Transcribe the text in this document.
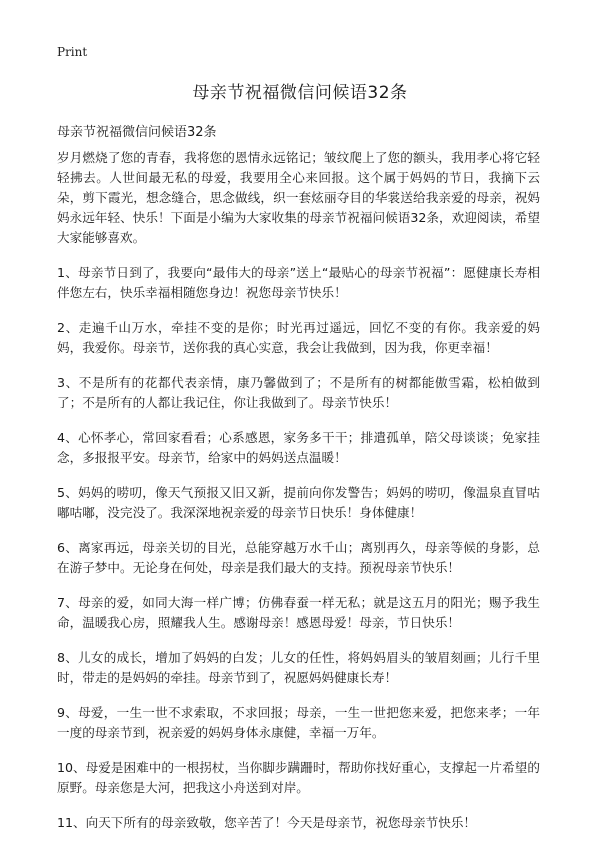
Print
母亲节祝福微信问候语32条
母亲节祝福微信问候语32条

岁月燃烧了您的青春，我将您的恩情永远铭记；皱纹爬上了您的额头，我用孝心将它轻轻拂去。人世间最无私的母爱，我要用全心来回报。这个属于妈妈的节日，我摘下云朵，剪下霞光，想念缝合，思念做线，织一套炫丽夺目的华裳送给我亲爱的母亲，祝妈妈永远年轻、快乐！下面是小编为大家收集的母亲节祝福问候语32条，欢迎阅读，希望大家能够喜欢。

1、母亲节日到了，我要向“最伟大的母亲”送上“最贴心的母亲节祝福”：愿健康长寿相伴您左右，快乐幸福相随您身边！祝您母亲节快乐！

2、走遍千山万水，牵挂不变的是你；时光再过遥远，回忆不变的有你。我亲爱的妈妈，我爱你。母亲节，送你我的真心实意，我会让我做到，因为我，你更幸福！

3、不是所有的花都代表亲情，康乃馨做到了；不是所有的树都能傲雪霜，松柏做到了；不是所有的人都让我记住，你让我做到了。母亲节快乐！

4、心怀孝心，常回家看看；心系感恩，家务多干干；排遣孤单，陪父母谈谈；免家挂念，多报报平安。母亲节，给家中的妈妈送点温暖！

5、妈妈的唠叨，像天气预报又旧又新，提前向你发警告；妈妈的唠叨，像温泉直冒咕嘟咕嘟，没完没了。我深深地祝亲爱的母亲节日快乐！身体健康！

6、离家再远，母亲关切的目光，总能穿越万水千山；离别再久，母亲等候的身影，总在游子梦中。无论身在何处，母亲是我们最大的支持。预祝母亲节快乐！

7、母亲的爱，如同大海一样广博；仿佛春蚕一样无私；就是这五月的阳光；赐予我生命，温暖我心房，照耀我人生。感谢母亲！感恩母爱！母亲，节日快乐！

8、儿女的成长，增加了妈妈的白发；儿女的任性，将妈妈眉头的皱眉刻画；儿行千里时，带走的是妈妈的牵挂。母亲节到了，祝愿妈妈健康长寿！

9、母爱，一生一世不求索取，不求回报；母亲，一生一世把您来爱，把您来孝；一年一度的母亲节到，祝亲爱的妈妈身体永康健，幸福一万年。

10、母爱是困难中的一根拐杖，当你脚步蹒跚时，帮助你找好重心，支撑起一片希望的原野。母亲您是大河，把我这小舟送到对岸。

11、向天下所有的母亲致敬，您辛苦了！今天是母亲节，祝您母亲节快乐！
